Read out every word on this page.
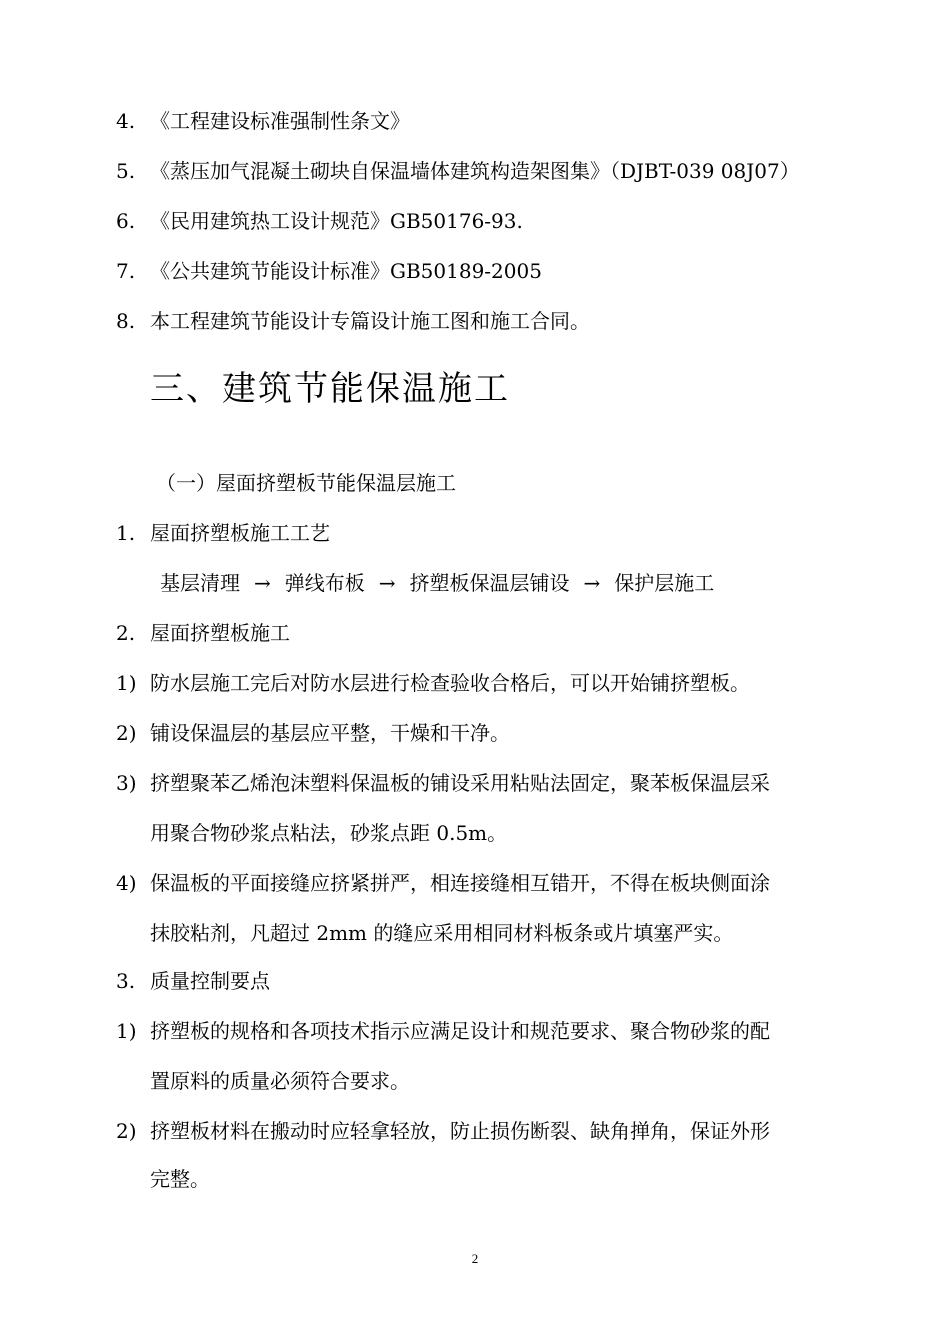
4. 《工程建设标准强制性条文》
5. 《蒸压加气混凝土砌块自保温墙体建筑构造架图集》（DJBT-039 08J07）
6. 《民用建筑热工设计规范》GB50176-93.
7. 《公共建筑节能设计标准》GB50189-2005
8. 本工程建筑节能设计专篇设计施工图和施工合同。
三、建筑节能保温施工
（一）屋面挤塑板节能保温层施工
1. 屋面挤塑板施工工艺
基层清理 → 弹线布板 → 挤塑板保温层铺设 → 保护层施工
2. 屋面挤塑板施工
1) 防水层施工完后对防水层进行检查验收合格后，可以开始铺挤塑板。
2) 铺设保温层的基层应平整，干燥和干净。
3) 挤塑聚苯乙烯泡沫塑料保温板的铺设采用粘贴法固定，聚苯板保温层采
用聚合物砂浆点粘法，砂浆点距 0.5m。
4) 保温板的平面接缝应挤紧拼严，相连接缝相互错开，不得在板块侧面涂
抹胶粘剂，凡超过 2mm 的缝应采用相同材料板条或片填塞严实。
3. 质量控制要点
1) 挤塑板的规格和各项技术指示应满足设计和规范要求、聚合物砂浆的配
置原料的质量必须符合要求。
2) 挤塑板材料在搬动时应轻拿轻放，防止损伤断裂、缺角掸角，保证外形
完整。
2
